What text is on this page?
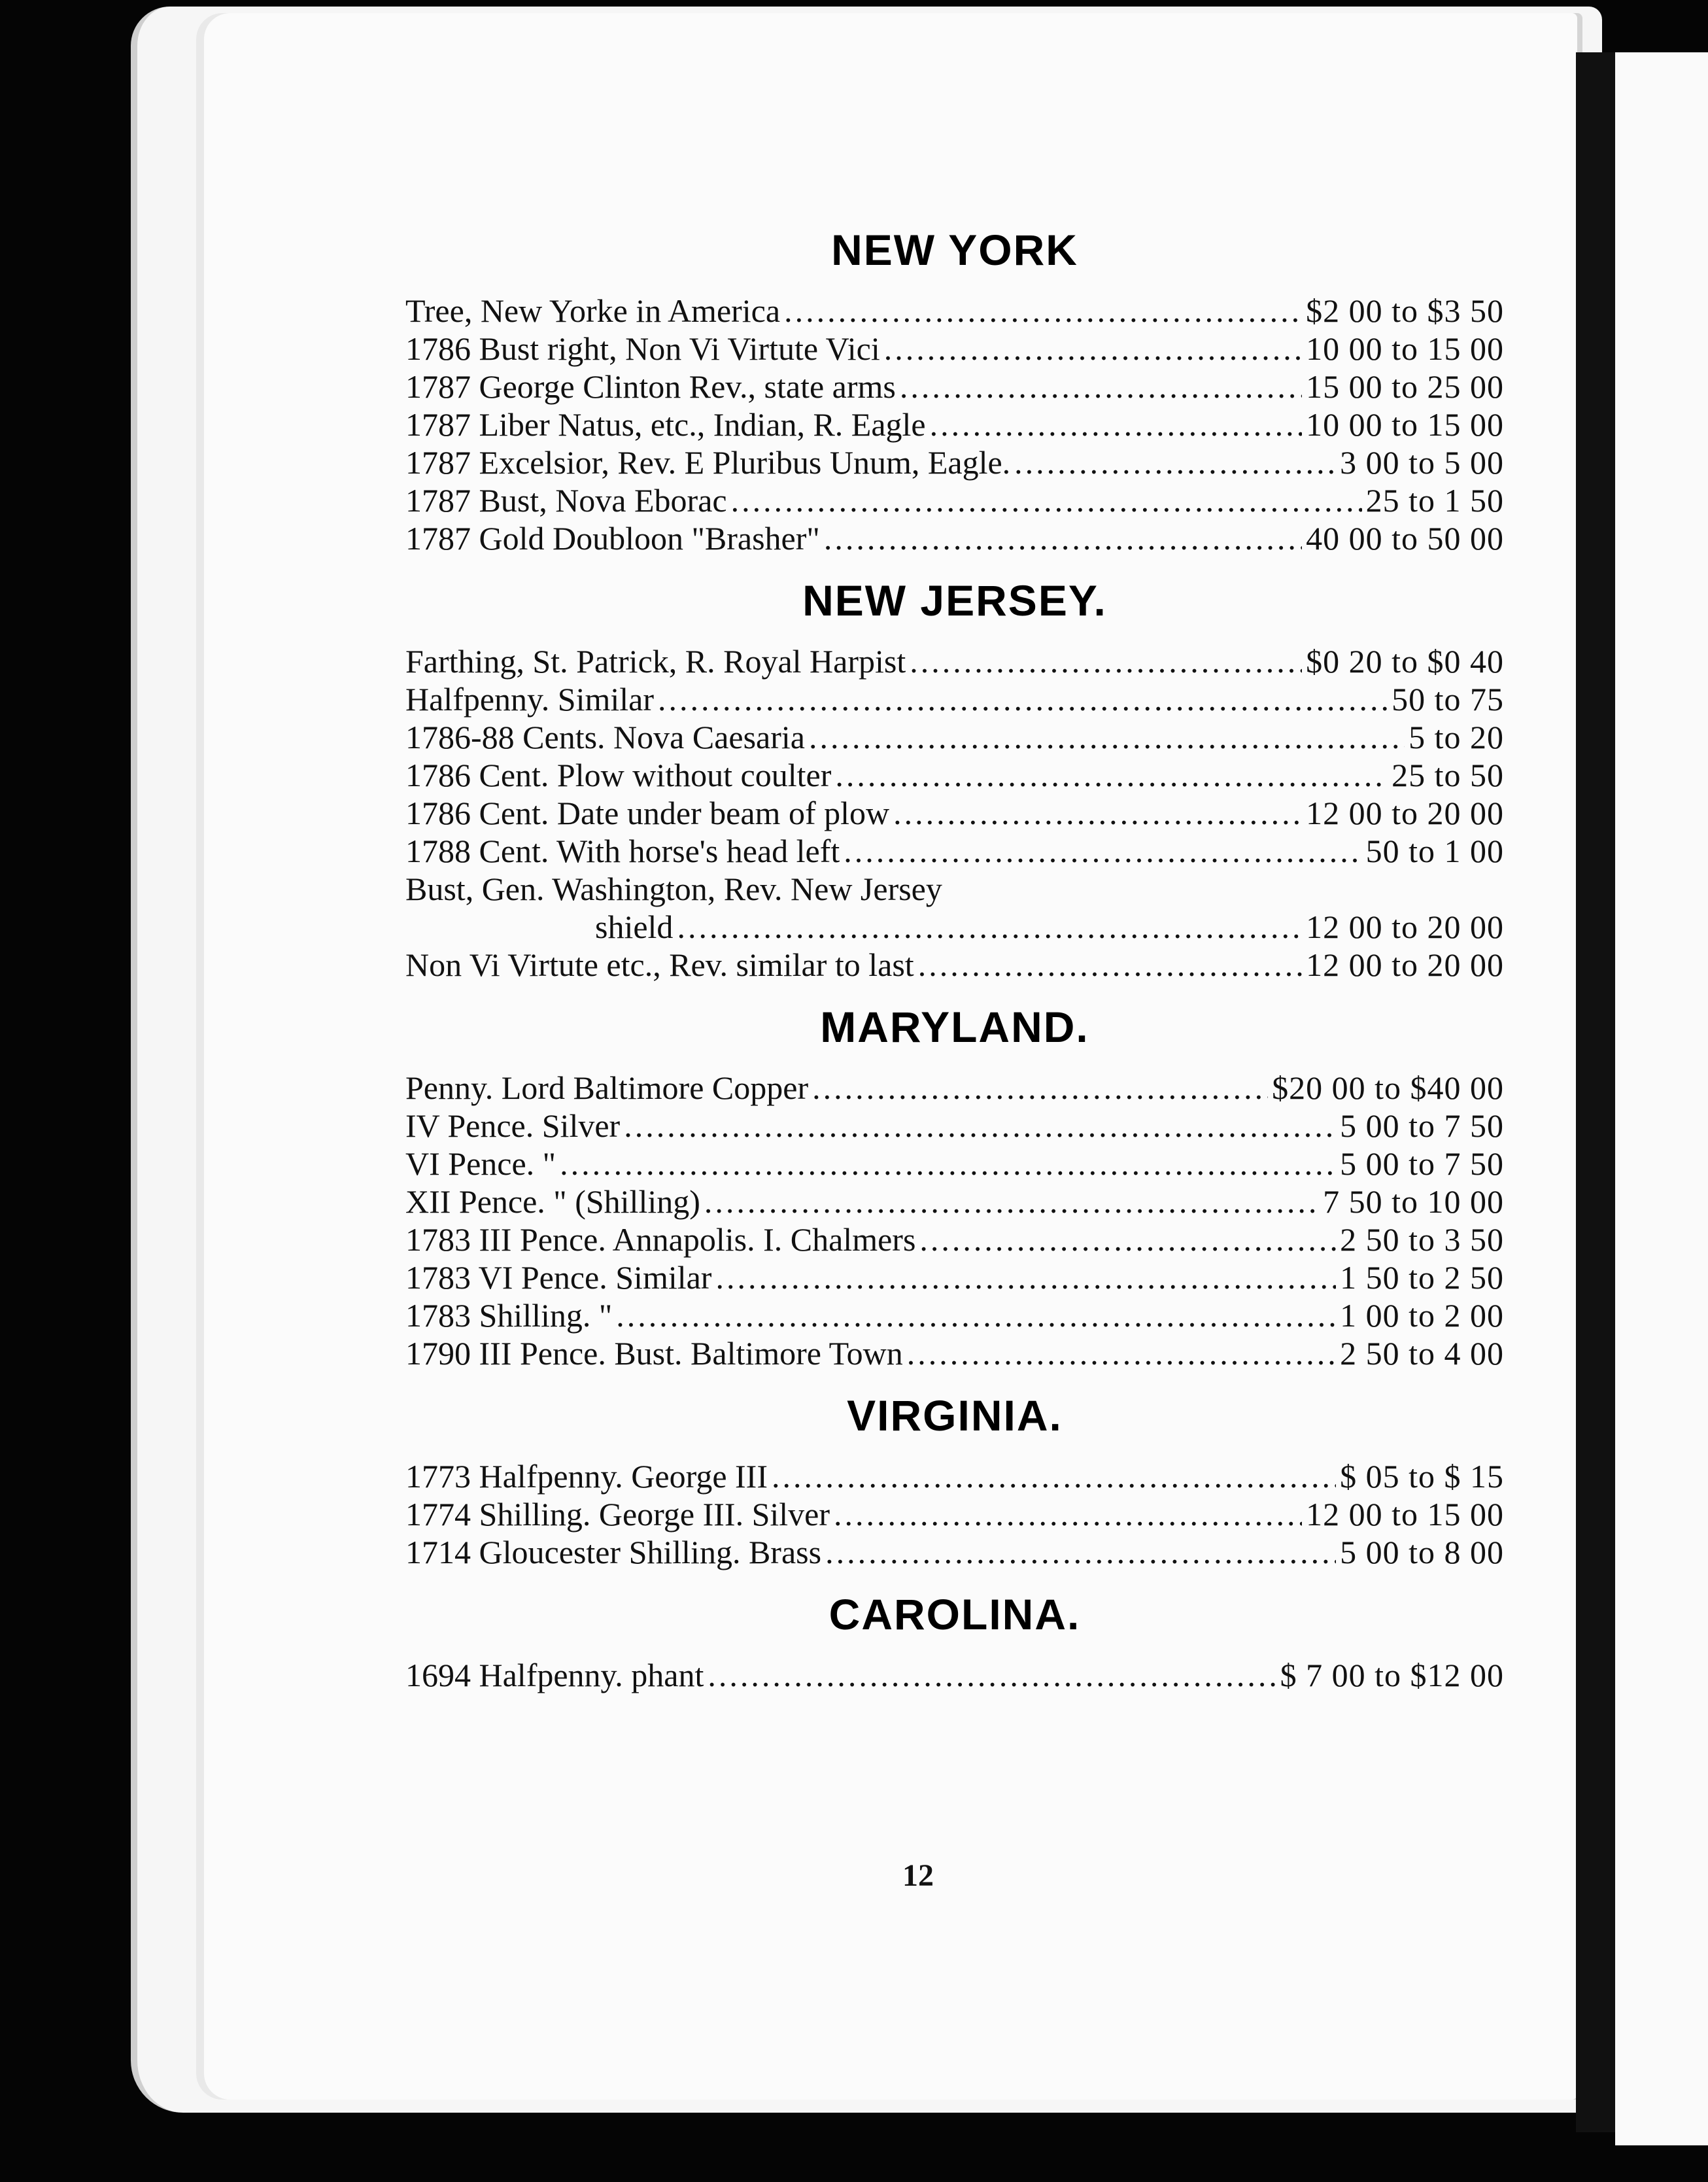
NEW YORK
Tree, New Yorke in America .....	$2 00 to $3 50
1786 Bust right, Non Vi Virtute Vici .....	10 00 to 15 00
1787 George Clinton Rev., state arms .....	15 00 to 25 00
1787 Liber Natus, etc., Indian, R. Eagle .....	10 00 to 15 00
1787 Excelsior, Rev. E Pluribus Unum, Eagle. .....	3 00 to 5 00
1787 Bust, Nova Eborac .....	25 to 1 50
1787 Gold Doubloon "Brasher" .....	40 00 to 50 00
NEW JERSEY.
Farthing, St. Patrick, R. Royal Harpist .....	$0 20 to $0 40
Halfpenny. Similar .....	50 to 75
1786-88 Cents. Nova Caesaria .....	5 to 20
1786 Cent. Plow without coulter .....	25 to 50
1786 Cent. Date under beam of plow .....	12 00 to 20 00
1788 Cent. With horse's head left .....	50 to 1 00
Bust, Gen. Washington, Rev. New Jersey
shield .....	12 00 to 20 00
Non Vi Virtute etc., Rev. similar to last .....	12 00 to 20 00
MARYLAND.
Penny. Lord Baltimore Copper .....	$20 00 to $40 00
IV Pence. Silver .....	5 00 to 7 50
VI Pence. " .....	5 00 to 7 50
XII Pence. " (Shilling) .....	7 50 to 10 00
1783 III Pence. Annapolis. I. Chalmers .....	2 50 to 3 50
1783 VI Pence. Similar .....	1 50 to 2 50
1783 Shilling. " .....	1 00 to 2 00
1790 III Pence. Bust. Baltimore Town .....	2 50 to 4 00
VIRGINIA.
1773 Halfpenny. George III .....	$ 05 to $ 15
1774 Shilling. George III. Silver .....	12 00 to 15 00
1714 Gloucester Shilling. Brass .....	5 00 to 8 00
CAROLINA.
1694 Halfpenny. phant .....	$ 7 00 to $12 00
12
